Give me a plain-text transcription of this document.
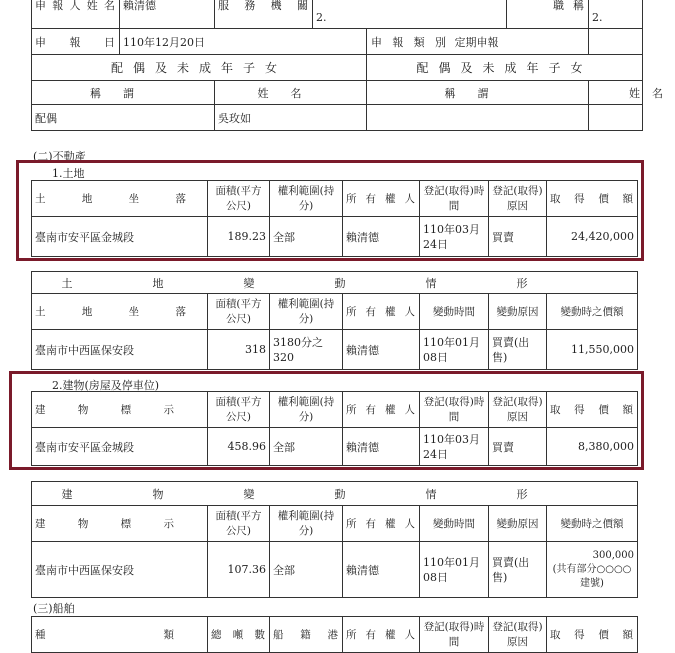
申報人姓名	賴清德	服務機關	2.		職稱	2.
申報日	110年12月20日			申報類別 定期申報		
配偶及未成年子女				配偶及未成年子女		
稱謂		姓名		稱謂		姓名
配偶		吳玫如				
(二)不動產
1.土地
土地坐落	面積(平方公尺)	權利範圍(持分)	所有權人	登記(取得)時間	登記(取得)原因	取得價額
臺南市安平區金城段	189.23	全部	賴清德	110年03月24日	買賣	24,420,000
土地變動情形						
土地坐落	面積(平方公尺)	權利範圍(持分)	所有權人	變動時間	變動原因	變動時之價額
臺南市中西區保安段	318	3180分之320	賴清德	110年01月08日	買賣(出售)	11,550,000
2.建物(房屋及停車位)
建物標示	面積(平方公尺)	權利範圍(持分)	所有權人	登記(取得)時間	登記(取得)原因	取得價額
臺南市安平區金城段	458.96	全部	賴清德	110年03月24日	買賣	8,380,000
建物變動情形						
建物標示	面積(平方公尺)	權利範圍(持分)	所有權人	變動時間	變動原因	變動時之價額
臺南市中西區保安段	107.36	全部	賴清德	110年01月08日	買賣(出售)	300,000
(共有部分○○○○建號)
(三)船舶
種類	總噸數	船籍港	所有權人	登記(取得)時間	登記(取得)原因	取得價額
